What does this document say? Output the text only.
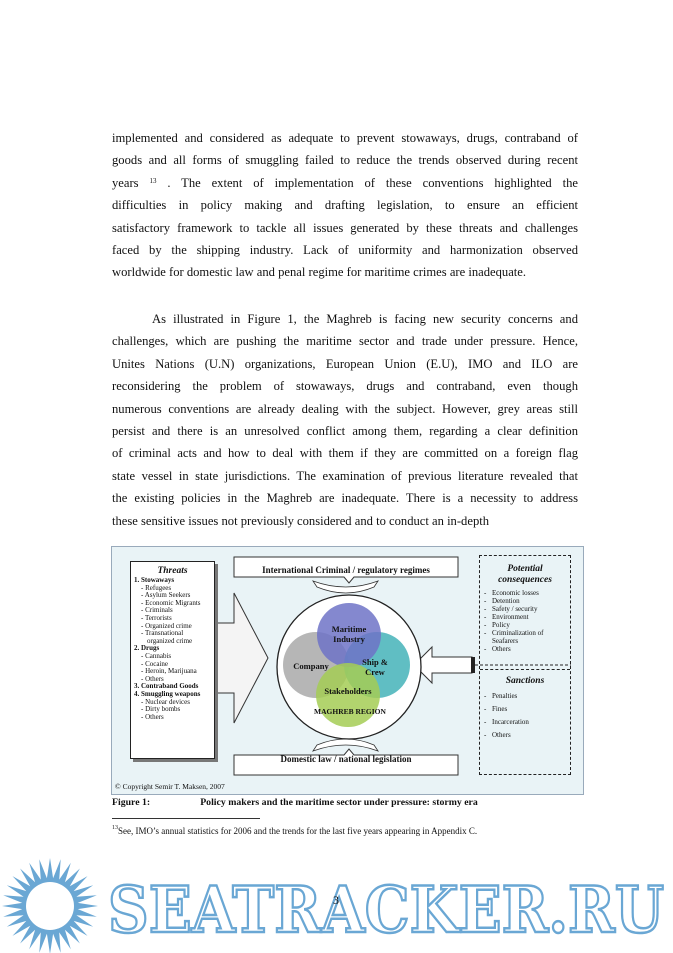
implemented and considered as adequate to prevent stowaways, drugs, contraband of
goods and all forms of smuggling failed to reduce the trends observed during recent
years $^{13}$ . The extent of implementation of these conventions highlighted the
difficulties in policy making and drafting legislation, to ensure an efficient
satisfactory framework to tackle all issues generated by these threats and challenges
faced by the shipping industry. Lack of uniformity and harmonization observed
worldwide for domestic law and penal regime for maritime crimes are inadequate.

As illustrated in Figure 1, the Maghreb is facing new security concerns and
challenges, which are pushing the maritime sector and trade under pressure. Hence,
Unites Nations (U.N) organizations, European Union (E.U), IMO and ILO are
reconsidering the problem of stowaways, drugs and contraband, even though
numerous conventions are already dealing with the subject. However, grey areas still
persist and there is an unresolved conflict among them, regarding a clear definition
of criminal acts and how to deal with them if they are committed on a foreign flag
state vessel in state jurisdictions. The examination of previous literature revealed that
the existing policies in the Maghreb are inadequate. There is a necessity to address
these sensitive issues not previously considered and to conduct an in-depth

International Criminal / regulatory regimes
Domestic law / national legislation
Maritime Industry
Company	Ship & Crew
Stakeholders
MAGHREB REGION
Threats
1. Stowaways
- Refugees
- Asylum Seekers
- Economic Migrants
- Criminals
- Terrorists
- Organized crime
- Transnational
organized crime
2. Drugs
- Cannabis
- Cocaine
- Heroin, Marijuana
- Others
3. Contraband Goods
4. Smuggling weapons
- Nuclear devices
- Dirty bombs
- Others
Potential consequences
- Economic losses
- Detention
- Safety / security
- Environment
- Policy
- Criminalization of Seafarers
- Others
Sanctions
- Penalties
- Fines
- Incarceration
- Others
© Copyright Semir T. Maksen, 2007
Figure 1:	Policy makers and the maritime sector under pressure: stormy era
$^{13}$See, IMO’s annual statistics for 2006 and the trends for the last five years appearing in Appendix C.
SEATRACKER.RU
3
